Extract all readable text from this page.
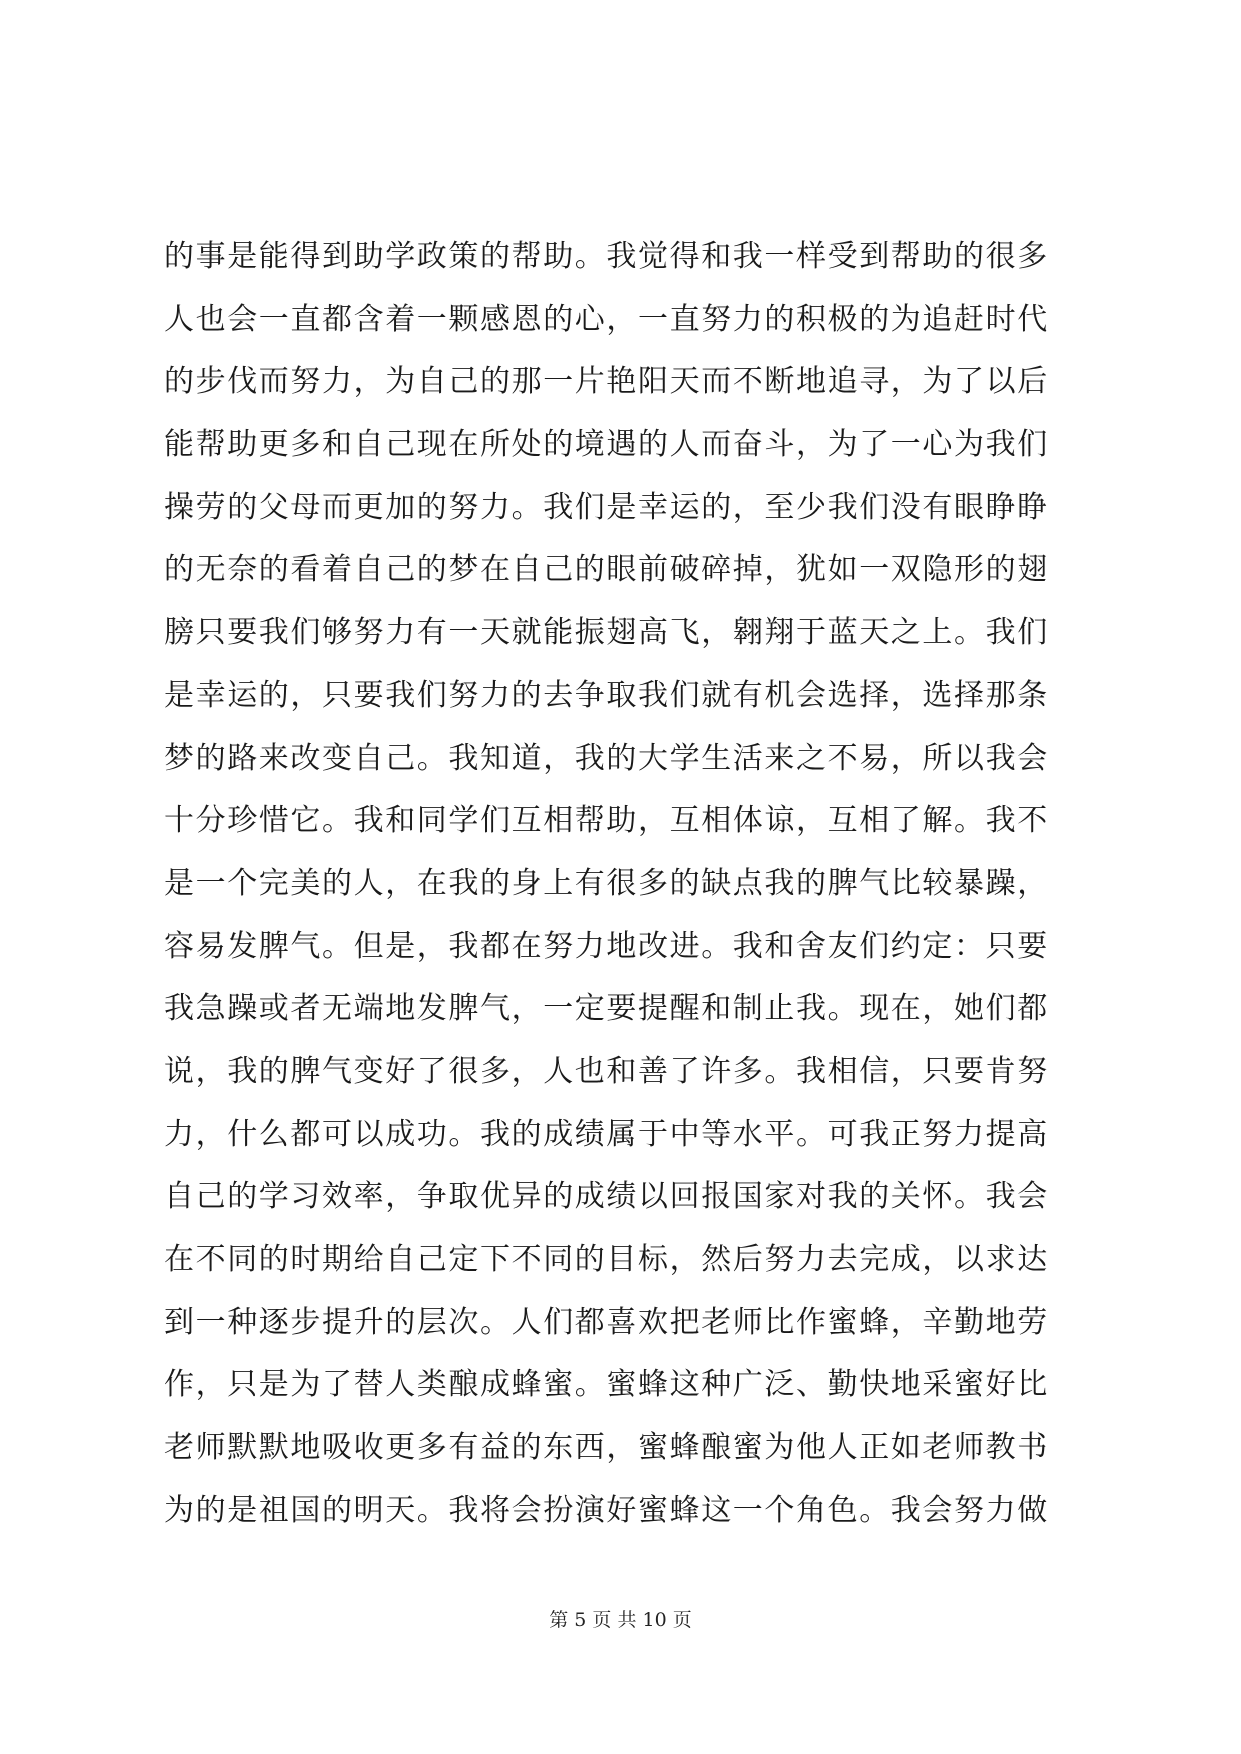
的事是能得到助学政策的帮助。我觉得和我一样受到帮助的很多
人也会一直都含着一颗感恩的心，一直努力的积极的为追赶时代
的步伐而努力，为自己的那一片艳阳天而不断地追寻，为了以后
能帮助更多和自己现在所处的境遇的人而奋斗，为了一心为我们
操劳的父母而更加的努力。我们是幸运的，至少我们没有眼睁睁
的无奈的看着自己的梦在自己的眼前破碎掉，犹如一双隐形的翅
膀只要我们够努力有一天就能振翅高飞，翱翔于蓝天之上。我们
是幸运的，只要我们努力的去争取我们就有机会选择，选择那条
梦的路来改变自己。我知道，我的大学生活来之不易，所以我会
十分珍惜它。我和同学们互相帮助，互相体谅，互相了解。我不
是一个完美的人，在我的身上有很多的缺点我的脾气比较暴躁，
容易发脾气。但是，我都在努力地改进。我和舍友们约定：只要
我急躁或者无端地发脾气，一定要提醒和制止我。现在，她们都
说，我的脾气变好了很多，人也和善了许多。我相信，只要肯努
力，什么都可以成功。我的成绩属于中等水平。可我正努力提高
自己的学习效率，争取优异的成绩以回报国家对我的关怀。我会
在不同的时期给自己定下不同的目标，然后努力去完成，以求达
到一种逐步提升的层次。人们都喜欢把老师比作蜜蜂，辛勤地劳
作，只是为了替人类酿成蜂蜜。蜜蜂这种广泛、勤快地采蜜好比
老师默默地吸收更多有益的东西，蜜蜂酿蜜为他人正如老师教书
为的是祖国的明天。我将会扮演好蜜蜂这一个角色。我会努力做
第 5 页 共 10 页
